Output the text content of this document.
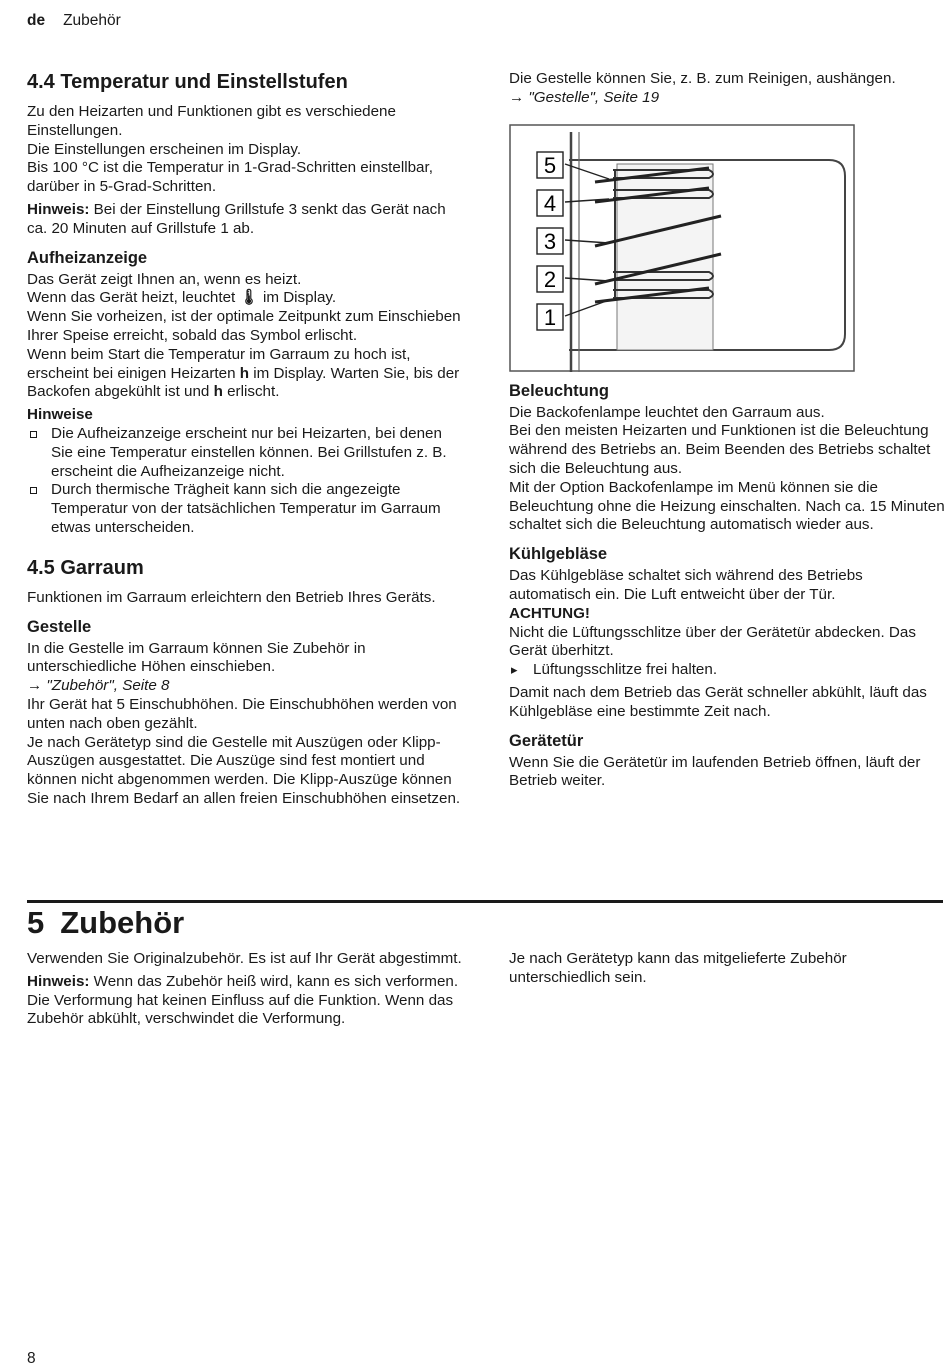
de Zubehör
4.4 Temperatur und Einstellstufen

Zu den Heizarten und Funktionen gibt es verschiedene Einstellungen.

Die Einstellungen erscheinen im Display.

Bis 100 °C ist die Temperatur in 1-Grad-Schritten einstellbar, darüber in 5-Grad-Schritten.

Hinweis: Bei der Einstellung Grillstufe 3 senkt das Gerät nach ca. 20 Minuten auf Grillstufe 1 ab.

Aufheizanzeige

Das Gerät zeigt Ihnen an, wenn es heizt.

Wenn das Gerät heizt, leuchtet 🌡 im Display.

Wenn Sie vorheizen, ist der optimale Zeitpunkt zum Einschieben Ihrer Speise erreicht, sobald das Symbol erlischt.

Wenn beim Start die Temperatur im Garraum zu hoch ist, erscheint bei einigen Heizarten h im Display. Warten Sie, bis der Backofen abgekühlt ist und h erlischt.

Hinweise

Die Aufheizanzeige erscheint nur bei Heizarten, bei denen Sie eine Temperatur einstellen können. Bei Grillstufen z. B. erscheint die Aufheizanzeige nicht.
Durch thermische Trägheit kann sich die angezeigte Temperatur von der tatsächlichen Temperatur im Garraum etwas unterscheiden.
4.5 Garraum

Funktionen im Garraum erleichtern den Betrieb Ihres Geräts.

Gestelle

In die Gestelle im Garraum können Sie Zubehör in unterschiedliche Höhen einschieben.

→ "Zubehör", Seite 8

Ihr Gerät hat 5 Einschubhöhen. Die Einschubhöhen werden von unten nach oben gezählt.

Je nach Gerätetyp sind die Gestelle mit Auszügen oder Klipp-Auszügen ausgestattet. Die Auszüge sind fest montiert und können nicht abgenommen werden. Die Klipp-Auszüge können Sie nach Ihrem Bedarf an allen freien Einschubhöhen einsetzen.

Die Gestelle können Sie, z. B. zum Reinigen, aushängen.

→ "Gestelle", Seite 19

5
4
3
2
1
Beleuchtung

Die Backofenlampe leuchtet den Garraum aus.

Bei den meisten Heizarten und Funktionen ist die Beleuchtung während des Betriebs an. Beim Beenden des Betriebs schaltet sich die Beleuchtung aus.

Mit der Option Backofenlampe im Menü können sie die Beleuchtung ohne die Heizung einschalten. Nach ca. 15 Minuten schaltet sich die Beleuchtung automatisch wieder aus.

Kühlgebläse

Das Kühlgebläse schaltet sich während des Betriebs automatisch ein. Die Luft entweicht über der Tür.

ACHTUNG!

Nicht die Lüftungsschlitze über der Gerätetür abdecken. Das Gerät überhitzt.

▸ Lüftungsschlitze frei halten.

Damit nach dem Betrieb das Gerät schneller abkühlt, läuft das Kühlgebläse eine bestimmte Zeit nach.

Gerätetür

Wenn Sie die Gerätetür im laufenden Betrieb öffnen, läuft der Betrieb weiter.

5 Zubehör

Verwenden Sie Originalzubehör. Es ist auf Ihr Gerät abgestimmt.

Hinweis: Wenn das Zubehör heiß wird, kann es sich verformen. Die Verformung hat keinen Einfluss auf die Funktion. Wenn das Zubehör abkühlt, verschwindet die Verformung.

Je nach Gerätetyp kann das mitgelieferte Zubehör unterschiedlich sein.

8
